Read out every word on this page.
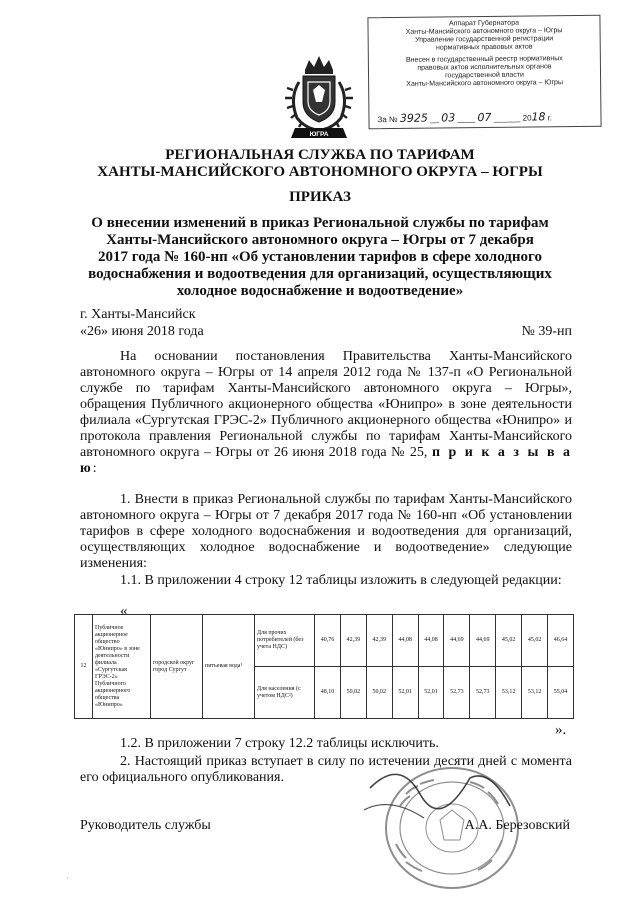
Аппарат Губернатора
Ханты-Мансийского автономного округа – Югры
Управление государственной регистрации
нормативных правовых актов
Внесен в государственный реестр нормативных
правовых актов исполнительных органов
государственной власти
Ханты-Мансийского автономного округа – Югры
За № 3925 __ 03 ____ 07 ______ 2018 г.
ЮГРА
РЕГИОНАЛЬНАЯ СЛУЖБА ПО ТАРИФАМ
ХАНТЫ-МАНСИЙСКОГО АВТОНОМНОГО ОКРУГА – ЮГРЫ
ПРИКАЗ
О внесении изменений в приказ Региональной службы по тарифам
Ханты-Мансийского автономного округа – Югры от 7 декабря
2017 года № 160-нп «Об установлении тарифов в сфере холодного
водоснабжения и водоотведения для организаций, осуществляющих
холодное водоснабжение и водоотведение»
г. Ханты-Мансийск
«26» июня 2018 года	№ 39-нп
На основании постановления Правительства Ханты-Мансийского автономного округа – Югры от 14 апреля 2012 года № 137-п «О Региональной службе по тарифам Ханты-Мансийского автономного округа – Югры», обращения Публичного акционерного общества «Юнипро» в зоне деятельности филиала «Сургутская ГРЭС-2» Публичного акционерного общества «Юнипро» и протокола правления Региональной службы по тарифам Ханты-Мансийского автономного округа – Югры от 26 июня 2018 года № 25, п р и к а з ы в а ю:
1. Внести в приказ Региональной службы по тарифам Ханты-Мансийского автономного округа – Югры от 7 декабря 2017 года № 160-нп «Об установлении тарифов в сфере холодного водоснабжения и водоотведения для организаций, осуществляющих холодное водоснабжение и водоотведение» следующие изменения:
1.1. В приложении 4 строку 12 таблицы изложить в следующей редакции:
«
12	Публичное акционерное общество «Юнипро» в зоне деятельности филиала «Сургутская ГРЭС-2» Публичного акционерного общества «Юнипро»	городской округ город Сургут	питьевая вода¹	Для прочих потребителей (без учета НДС)	40,76	42,39	42,39	44,08	44,08	44,69	44,69	45,02	45,02	46,64
				Для населения (с учетом НДС²)	48,10	50,02	50,02	52,01	52,01	52,73	52,73	53,12	53,12	55,04
».
1.2. В приложении 7 строку 12.2 таблицы исключить.
2. Настоящий приказ вступает в силу по истечении десяти дней с момента его официального опубликования.
Руководитель службы	А.А. Березовский
·
